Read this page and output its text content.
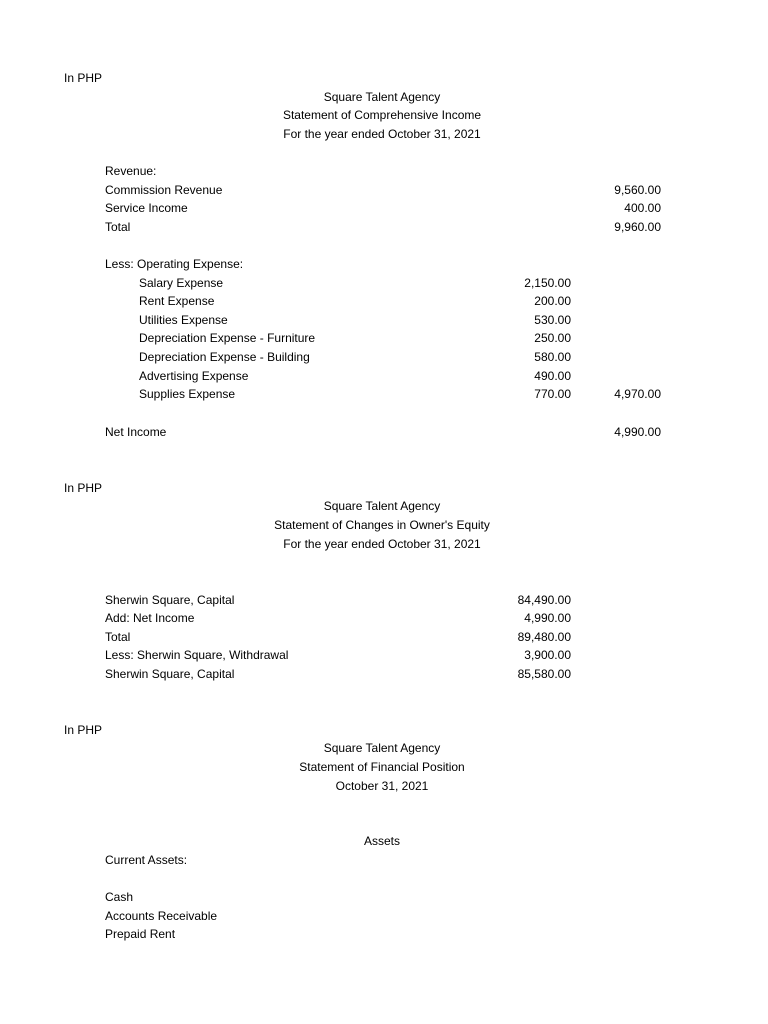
In PHP
Square Talent Agency
Statement of Comprehensive Income
For the year ended October 31, 2021
Revenue:
Commission Revenue	9,560.00
Service Income	400.00
Total	9,960.00
Less: Operating Expense:
Salary Expense	2,150.00
Rent Expense	200.00
Utilities Expense	530.00
Depreciation Expense - Furniture	250.00
Depreciation Expense - Building	580.00
Advertising Expense	490.00
Supplies Expense	770.00	4,970.00
Net Income	4,990.00
In PHP
Square Talent Agency
Statement of Changes in Owner's Equity
For the year ended October 31, 2021
Sherwin Square, Capital	84,490.00
Add: Net Income	4,990.00
Total	89,480.00
Less: Sherwin Square, Withdrawal	3,900.00
Sherwin Square, Capital	85,580.00
In PHP
Square Talent Agency
Statement of Financial Position
October 31, 2021
Assets
Current Assets:
Cash
Accounts Receivable
Prepaid Rent
